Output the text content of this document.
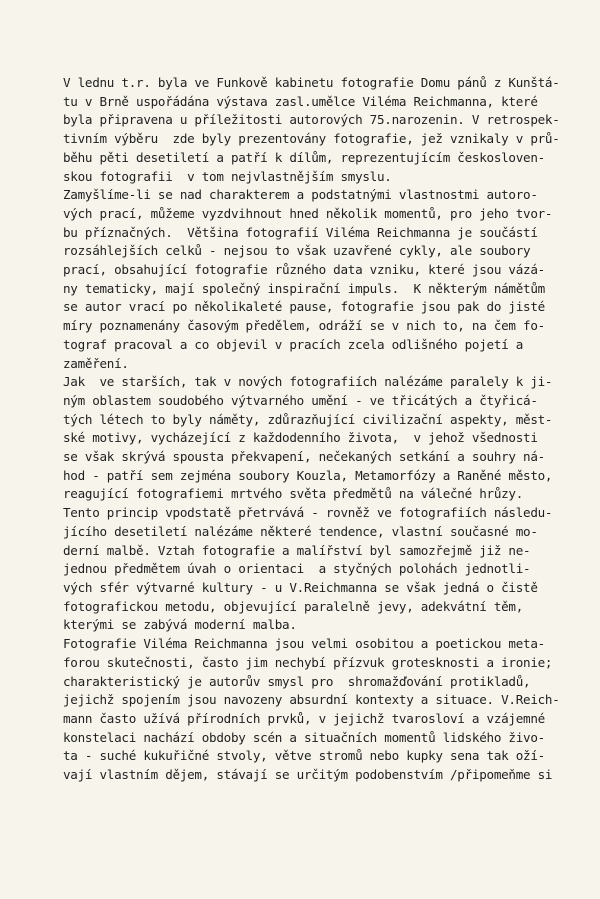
V lednu t.r. byla ve Funkově kabinetu fotografie Domu pánů z Kunštá-
tu v Brně uspořádána výstava zasl.umělce Viléma Reichmanna, které
byla připravena u příležitosti autorových 75.narozenin. V retrospek-
tivním výběru  zde byly prezentovány fotografie, jež vznikaly v prů-
běhu pěti desetiletí a patří k dílům, reprezentujícím českosloven-
skou fotografii  v tom nejvlastnějším smyslu.
Zamyšlíme-li se nad charakterem a podstatnými vlastnostmi autoro-
vých prací, můžeme vyzdvihnout hned několik momentů, pro jeho tvor-
bu příznačných.  Většina fotografií Viléma Reichmanna je součástí
rozsáhlejších celků - nejsou to však uzavřené cykly, ale soubory
prací, obsahující fotografie různého data vzniku, které jsou vázá-
ny tematicky, mají společný inspirační impuls.  K některým námětům
se autor vrací po několikaleté pause, fotografie jsou pak do jisté
míry poznamenány časovým předělem, odráží se v nich to, na čem fo-
tograf pracoval a co objevil v pracích zcela odlišného pojetí a
zaměření.
Jak  ve starších, tak v nových fotografiích nalézáme paralely k ji-
ným oblastem soudobého výtvarného umění - ve třicátých a čtyřicá-
tých létech to byly náměty, zdůrazňující civilizační aspekty, měst-
ské motivy, vycházející z každodenního života,  v jehož všednosti
se však skrývá spousta překvapení, nečekaných setkání a souhry ná-
hod - patří sem zejména soubory Kouzla, Metamorfózy a Raněné město,
reagující fotografiemi mrtvého světa předmětů na válečné hrůzy.
Tento princip vpodstatě přetrvává - rovněž ve fotografiích následu-
jícího desetiletí nalézáme některé tendence, vlastní současné mo-
derní malbě. Vztah fotografie a malířství byl samozřejmě již ne-
jednou předmětem úvah o orientaci  a styčných polohách jednotli-
vých sfér výtvarné kultury - u V.Reichmanna se však jedná o čistě
fotografickou metodu, objevující paralelně jevy, adekvátní těm,
kterými se zabývá moderní malba.
Fotografie Viléma Reichmanna jsou velmi osobitou a poetickou meta-
forou skutečnosti, často jim nechybí přízvuk grotesknosti a ironie;
charakteristický je autorův smysl pro  shromažďování protikladů,
jejichž spojením jsou navozeny absurdní kontexty a situace. V.Reich-
mann často užívá přírodních prvků, v jejichž tvarosloví a vzájemné
konstelaci nachází obdoby scén a situačních momentů lidského živo-
ta - suché kukuřičné stvoly, větve stromů nebo kupky sena tak oží-
vají vlastním dějem, stávají se určitým podobenstvím /připomeňme si
